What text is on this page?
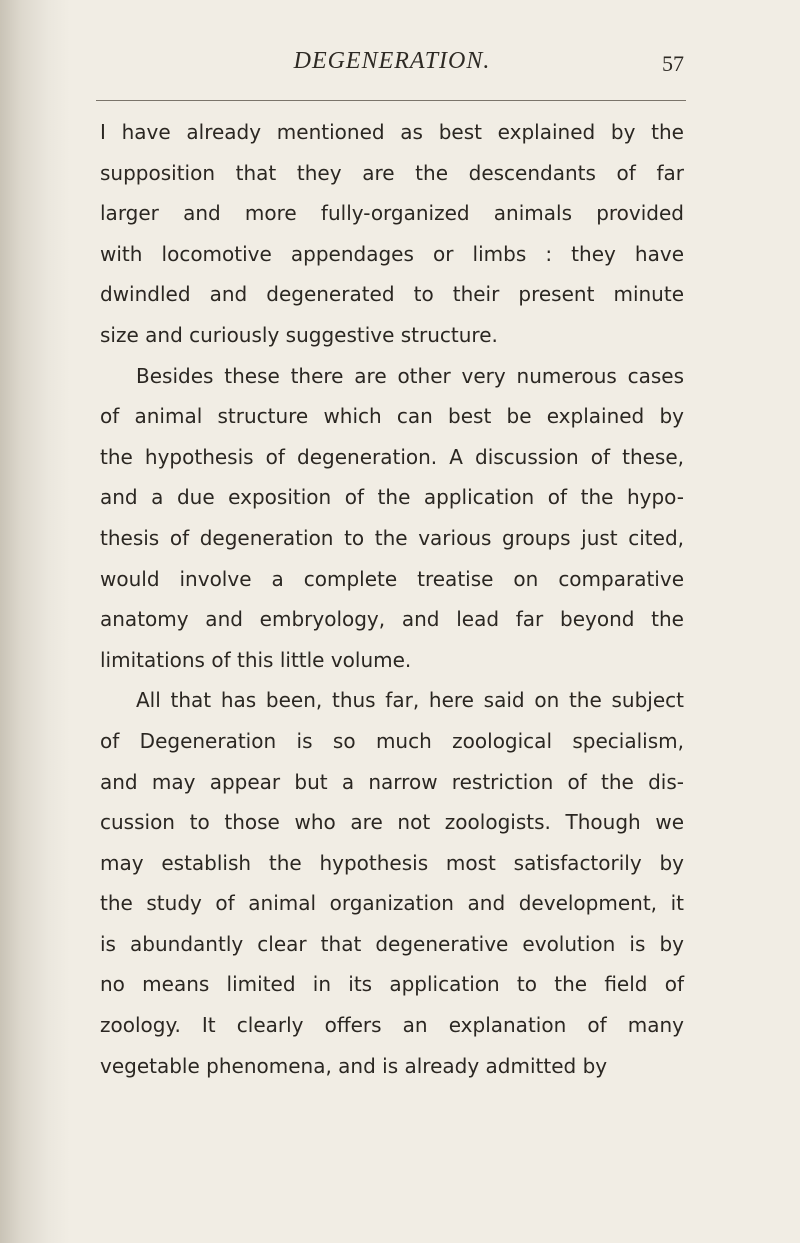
DEGENERATION.	57
I have already mentioned as best explained by the
supposition that they are the descendants of far
larger and more fully-organized animals provided
with locomotive appendages or limbs : they have
dwindled and degenerated to their present minute
size and curiously suggestive structure.
Besides these there are other very numerous cases
of animal structure which can best be explained by
the hypothesis of degeneration. A discussion of these,
and a due exposition of the application of the hypo-
thesis of degeneration to the various groups just cited,
would involve a complete treatise on comparative
anatomy and embryology, and lead far beyond the
limitations of this little volume.
All that has been, thus far, here said on the subject
of Degeneration is so much zoological specialism,
and may appear but a narrow restriction of the dis-
cussion to those who are not zoologists. Though we
may establish the hypothesis most satisfactorily by
the study of animal organization and development, it
is abundantly clear that degenerative evolution is by
no means limited in its application to the field of
zoology. It clearly offers an explanation of many
vegetable phenomena, and is already admitted by
